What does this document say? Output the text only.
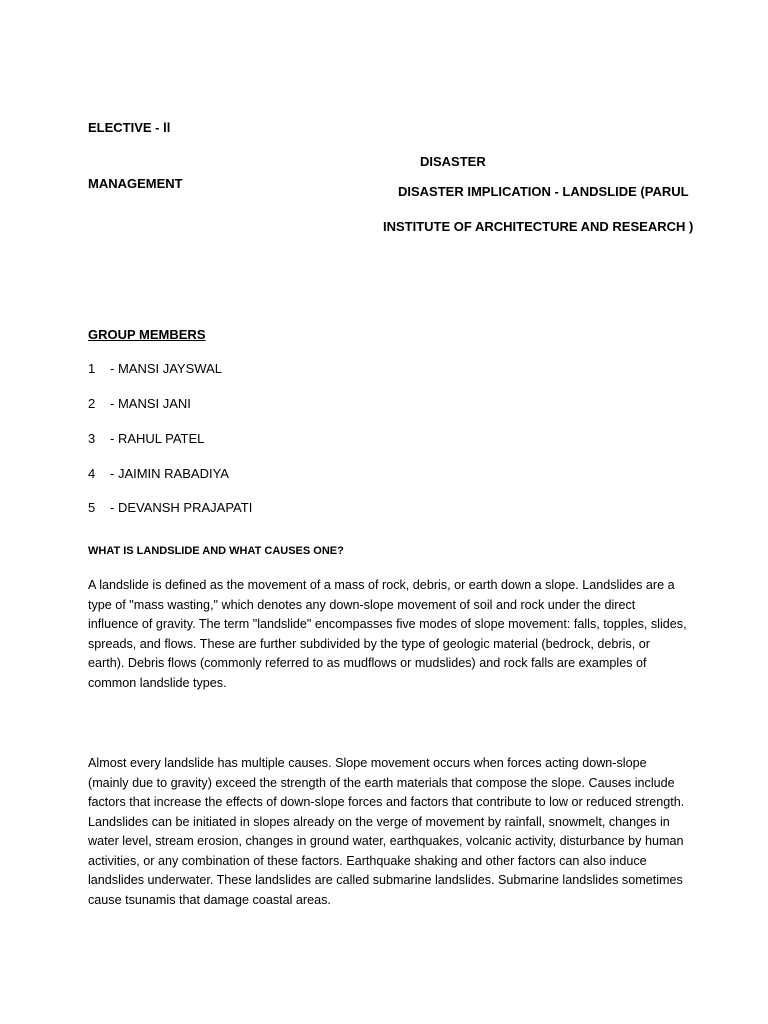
ELECTIVE - ll
DISASTER
MANAGEMENT
DISASTER IMPLICATION - LANDSLIDE (PARUL
INSTITUTE OF ARCHITECTURE AND RESEARCH )
GROUP MEMBERS
1 - MANSI JAYSWAL
2 - MANSI JANI
3 - RAHUL PATEL
4 - JAIMIN RABADIYA
5 - DEVANSH PRAJAPATI
WHAT IS LANDSLIDE AND WHAT CAUSES ONE?

A landslide is defined as the movement of a mass of rock, debris, or earth down a slope. Landslides are a type of "mass wasting," which denotes any down-slope movement of soil and rock under the direct influence of gravity. The term "landslide" encompasses five modes of slope movement: falls, topples, slides, spreads, and flows. These are further subdivided by the type of geologic material (bedrock, debris, or earth). Debris flows (commonly referred to as mudflows or mudslides) and rock falls are examples of common landslide types.

Almost every landslide has multiple causes. Slope movement occurs when forces acting down-slope (mainly due to gravity) exceed the strength of the earth materials that compose the slope. Causes include factors that increase the effects of down-slope forces and factors that contribute to low or reduced strength. Landslides can be initiated in slopes already on the verge of movement by rainfall, snowmelt, changes in water level, stream erosion, changes in ground water, earthquakes, volcanic activity, disturbance by human activities, or any combination of these factors. Earthquake shaking and other factors can also induce landslides underwater. These landslides are called submarine landslides. Submarine landslides sometimes cause tsunamis that damage coastal areas.
